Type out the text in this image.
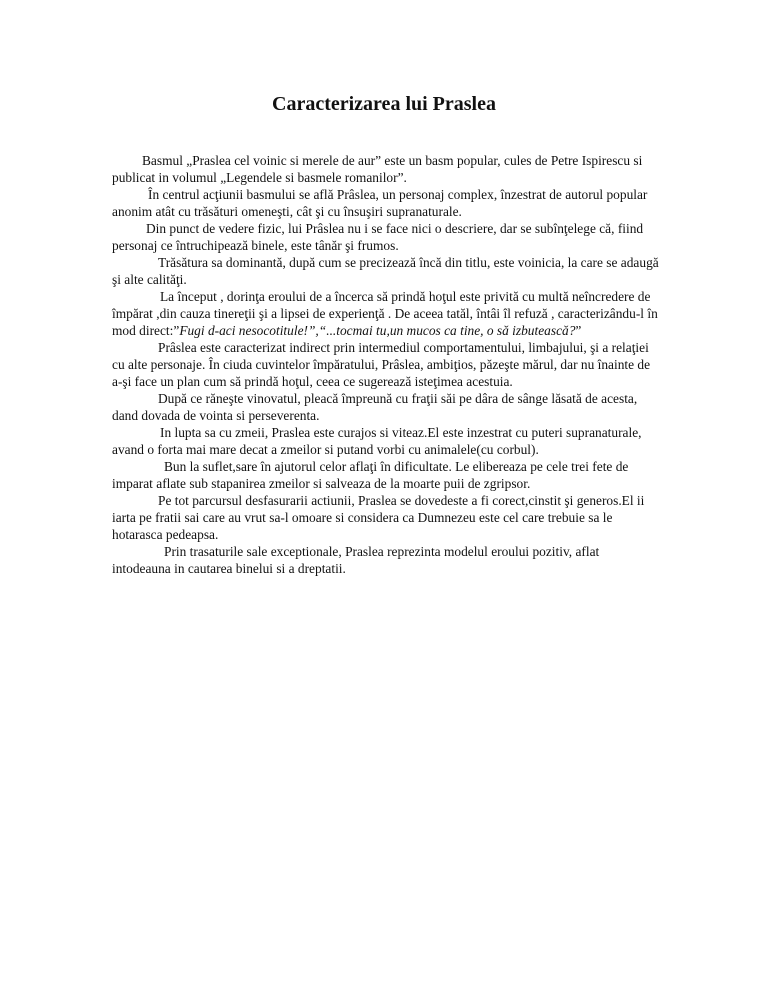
Caracterizarea lui Praslea

Basmul „Praslea cel voinic si merele de aur” este un basm popular, cules de Petre Ispirescu si publicat in volumul „Legendele si basmele romanilor”.

În centrul acţiunii basmului se află Prâslea, un personaj complex, înzestrat de autorul popular anonim atât cu trăsături omeneşti, cât şi cu însuşiri supranaturale.

Din punct de vedere fizic, lui Prâslea nu i se face nici o descriere, dar se subînţelege că, fiind personaj ce întruchipează binele, este tânăr şi frumos.

Trăsătura sa dominantă, după cum se precizează încă din titlu, este voinicia, la care se adaugă şi alte calităţi.

La început , dorinţa eroului de a încerca să prindă hoţul este privită cu multă neîncredere de împărat ,din cauza tinereţii şi a lipsei de experienţă . De aceea tatăl, întâi îl refuză , caracterizându-l în mod direct:”Fugi d-aci nesocotitule!”,“...tocmai tu,un mucos ca tine, o să izbutească?”

Prâslea este caracterizat indirect prin intermediul comportamentului, limbajului, şi a relaţiei cu alte personaje. În ciuda cuvintelor împăratului, Prâslea, ambiţios, păzeşte mărul, dar nu înainte de a-şi face un plan cum să prindă hoţul, ceea ce sugerează isteţimea acestuia.

După ce răneşte vinovatul, pleacă împreună cu fraţii săi pe dâra de sânge lăsată de acesta, dand dovada de vointa si perseverenta.

In lupta sa cu zmeii, Praslea este curajos si viteaz.El este inzestrat cu puteri supranaturale, avand o forta mai mare decat a zmeilor si putand vorbi cu animalele(cu corbul).

Bun la suflet,sare în ajutorul celor aflaţi în dificultate. Le elibereaza pe cele trei fete de imparat aflate sub stapanirea zmeilor si salveaza de la moarte puii de zgripsor.

Pe tot parcursul desfasurarii actiunii, Praslea se dovedeste a fi corect,cinstit şi generos.El ii iarta pe fratii sai care au vrut sa-l omoare si considera ca Dumnezeu este cel care trebuie sa le hotarasca pedeapsa.

Prin trasaturile sale exceptionale, Praslea reprezinta modelul eroului pozitiv, aflat intodeauna in cautarea binelui si a dreptatii.
